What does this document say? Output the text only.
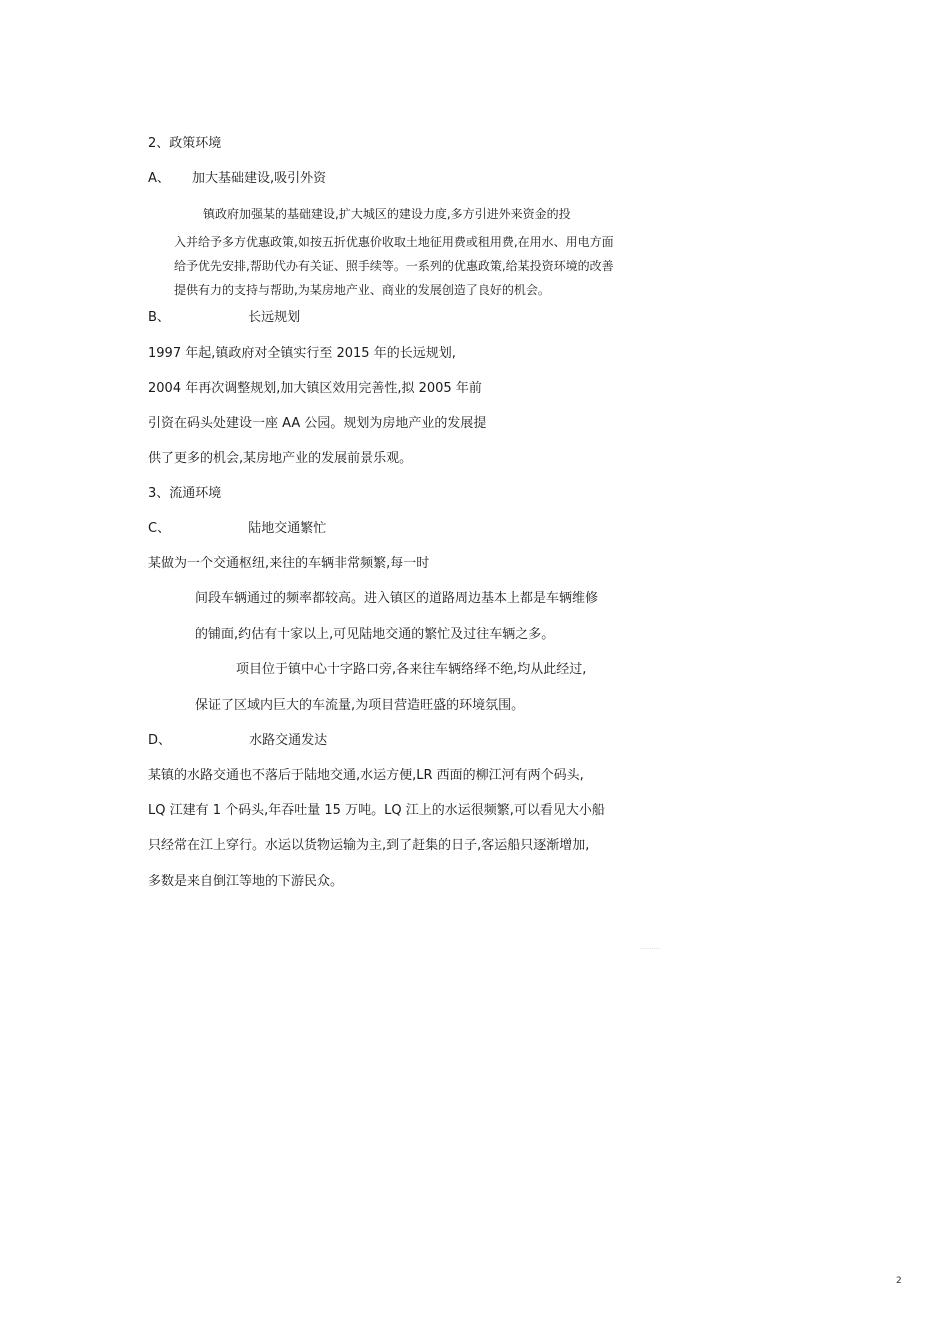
2、政策环境
A、 加大基础建设,吸引外资
镇政府加强某的基础建设,扩大城区的建设力度,多方引进外来资金的投
入并给予多方优惠政策,如按五折优惠价收取土地征用费或租用费,在用水、用电方面
给予优先安排,帮助代办有关证、照手续等。一系列的优惠政策,给某投资环境的改善
提供有力的支持与帮助,为某房地产业、商业的发展创造了良好的机会。
B、	长远规划
1997 年起,镇政府对全镇实行至 2015 年的长远规划,
2004 年再次调整规划,加大镇区效用完善性,拟 2005 年前
引资在码头处建设一座 AA 公园。规划为房地产业的发展提
供了更多的机会,某房地产业的发展前景乐观。
3、流通环境
C、	陆地交通繁忙
某做为一个交通枢纽,来往的车辆非常频繁,每一时
间段车辆通过的频率都较高。进入镇区的道路周边基本上都是车辆维修
的铺面,约估有十家以上,可见陆地交通的繁忙及过往车辆之多。
项目位于镇中心十字路口旁,各来往车辆络绎不绝,均从此经过,
保证了区域内巨大的车流量,为项目营造旺盛的环境氛围。
D、	水路交通发达
某镇的水路交通也不落后于陆地交通,水运方便,LR 西面的柳江河有两个码头,
LQ 江建有 1 个码头,年吞吐量 15 万吨。LQ 江上的水运很频繁,可以看见大小船
只经常在江上穿行。水运以货物运输为主,到了赶集的日子,客运船只逐渐增加,
多数是来自倒江等地的下游民众。
...........
2
